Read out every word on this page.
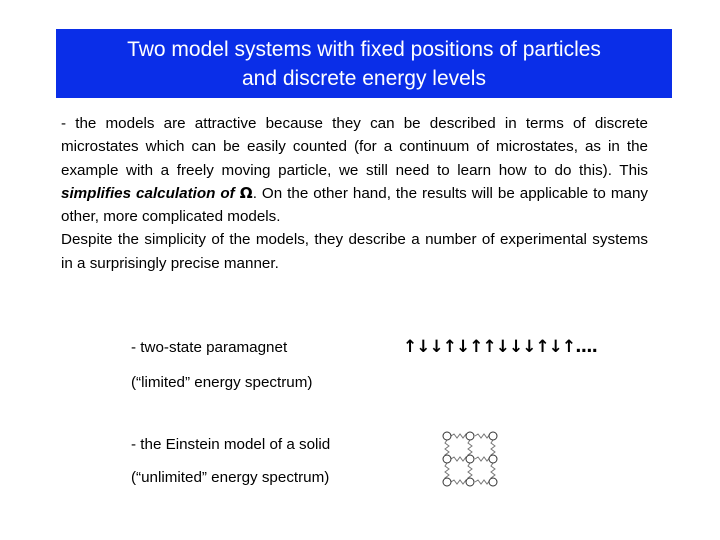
Two model systems with fixed positions of particles
and discrete energy levels

- the models are attractive because they can be described in terms of discrete microstates which can be easily counted (for a continuum of microstates, as in the example with a freely moving particle, we still need to learn how to do this). This simplifies calculation of Ω. On the other hand, the results will be applicable to many other, more complicated models.

Despite the simplicity of the models, they describe a number of experimental systems in a surprisingly precise manner.

- two-state paramagnet	↑↓↓↑↓↑↑↓↓↓↑↓↑....
(“limited” energy spectrum)
- the Einstein model of a solid
(“unlimited” energy spectrum)
